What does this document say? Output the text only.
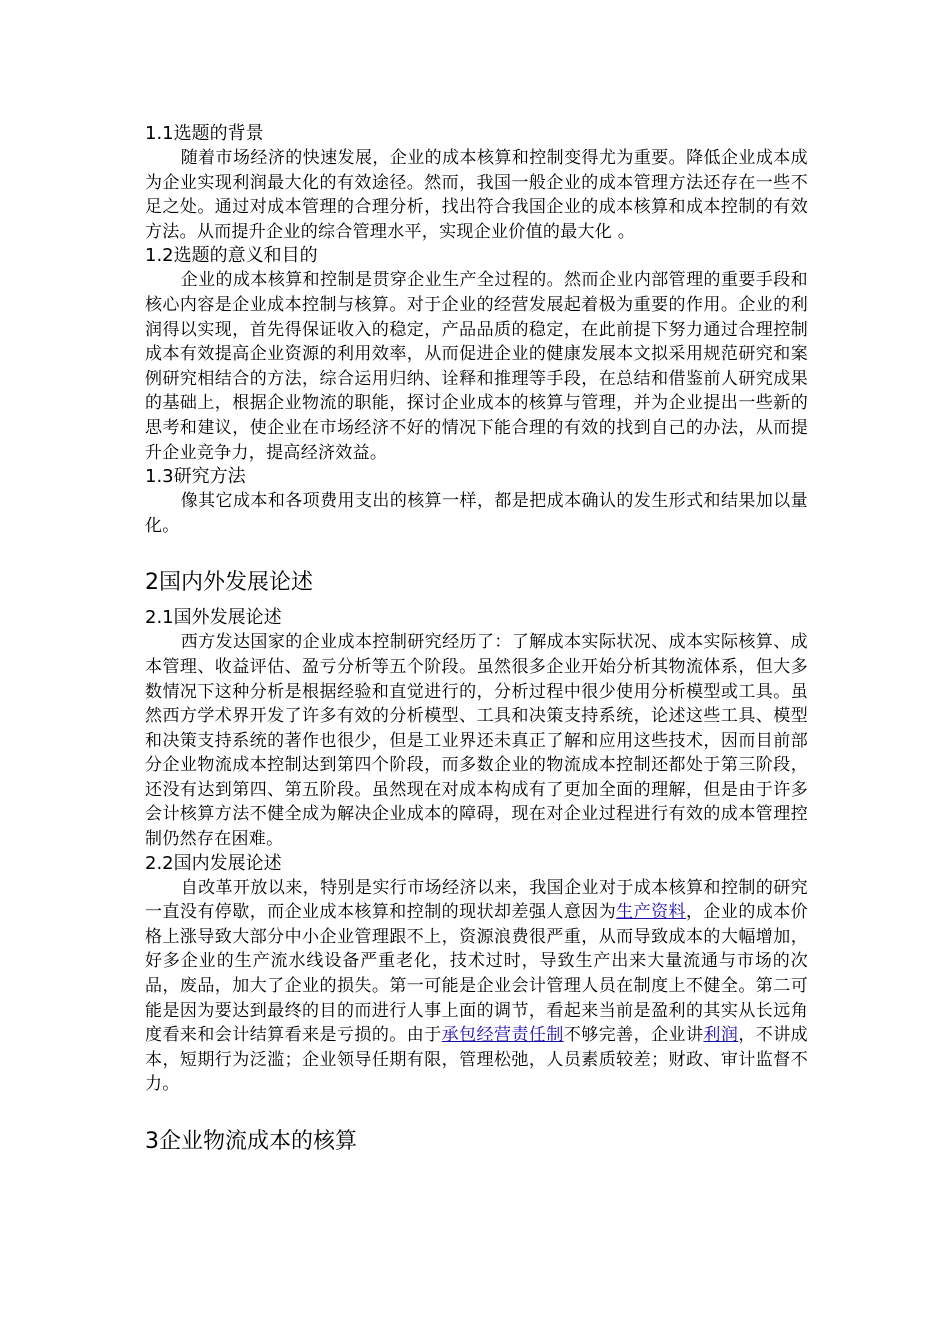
1.1选题的背景

随着市场经济的快速发展，企业的成本核算和控制变得尤为重要。降低企业成本成为企业实现利润最大化的有效途径。然而，我国一般企业的成本管理方法还存在一些不足之处。通过对成本管理的合理分析，找出符合我国企业的成本核算和成本控制的有效方法。从而提升企业的综合管理水平，实现企业价值的最大化 。

1.2选题的意义和目的

企业的成本核算和控制是贯穿企业生产全过程的。然而企业内部管理的重要手段和核心内容是企业成本控制与核算。对于企业的经营发展起着极为重要的作用。企业的利润得以实现，首先得保证收入的稳定，产品品质的稳定，在此前提下努力通过合理控制成本有效提高企业资源的利用效率，从而促进企业的健康发展本文拟采用规范研究和案例研究相结合的方法，综合运用归纳、诠释和推理等手段，在总结和借鉴前人研究成果的基础上，根据企业物流的职能，探讨企业成本的核算与管理，并为企业提出一些新的思考和建议，使企业在市场经济不好的情况下能合理的有效的找到自己的办法，从而提升企业竞争力，提高经济效益。

1.3研究方法

像其它成本和各项费用支出的核算一样，都是把成本确认的发生形式和结果加以量化。

2国内外发展论述
2.1国外发展论述

西方发达国家的企业成本控制研究经历了：了解成本实际状况、成本实际核算、成本管理、收益评估、盈亏分析等五个阶段。虽然很多企业开始分析其物流体系，但大多数情况下这种分析是根据经验和直觉进行的，分析过程中很少使用分析模型或工具。虽然西方学术界开发了许多有效的分析模型、工具和决策支持系统，论述这些工具、模型和决策支持系统的著作也很少，但是工业界还未真正了解和应用这些技术，因而目前部分企业物流成本控制达到第四个阶段，而多数企业的物流成本控制还都处于第三阶段，还没有达到第四、第五阶段。虽然现在对成本构成有了更加全面的理解，但是由于许多会计核算方法不健全成为解决企业成本的障碍，现在对企业过程进行有效的成本管理控制仍然存在困难。

2.2国内发展论述

自改革开放以来，特别是实行市场经济以来，我国企业对于成本核算和控制的研究一直没有停歇，而企业成本核算和控制的现状却差强人意因为生产资料，企业的成本价格上涨导致大部分中小企业管理跟不上，资源浪费很严重，从而导致成本的大幅增加，好多企业的生产流水线设备严重老化，技术过时，导致生产出来大量流通与市场的次品，废品，加大了企业的损失。第一可能是企业会计管理人员在制度上不健全。第二可能是因为要达到最终的目的而进行人事上面的调节，看起来当前是盈利的其实从长远角度看来和会计结算看来是亏损的。由于承包经营责任制不够完善，企业讲利润，不讲成本，短期行为泛滥；企业领导任期有限，管理松弛，人员素质较差；财政、审计监督不力。

3企业物流成本的核算
